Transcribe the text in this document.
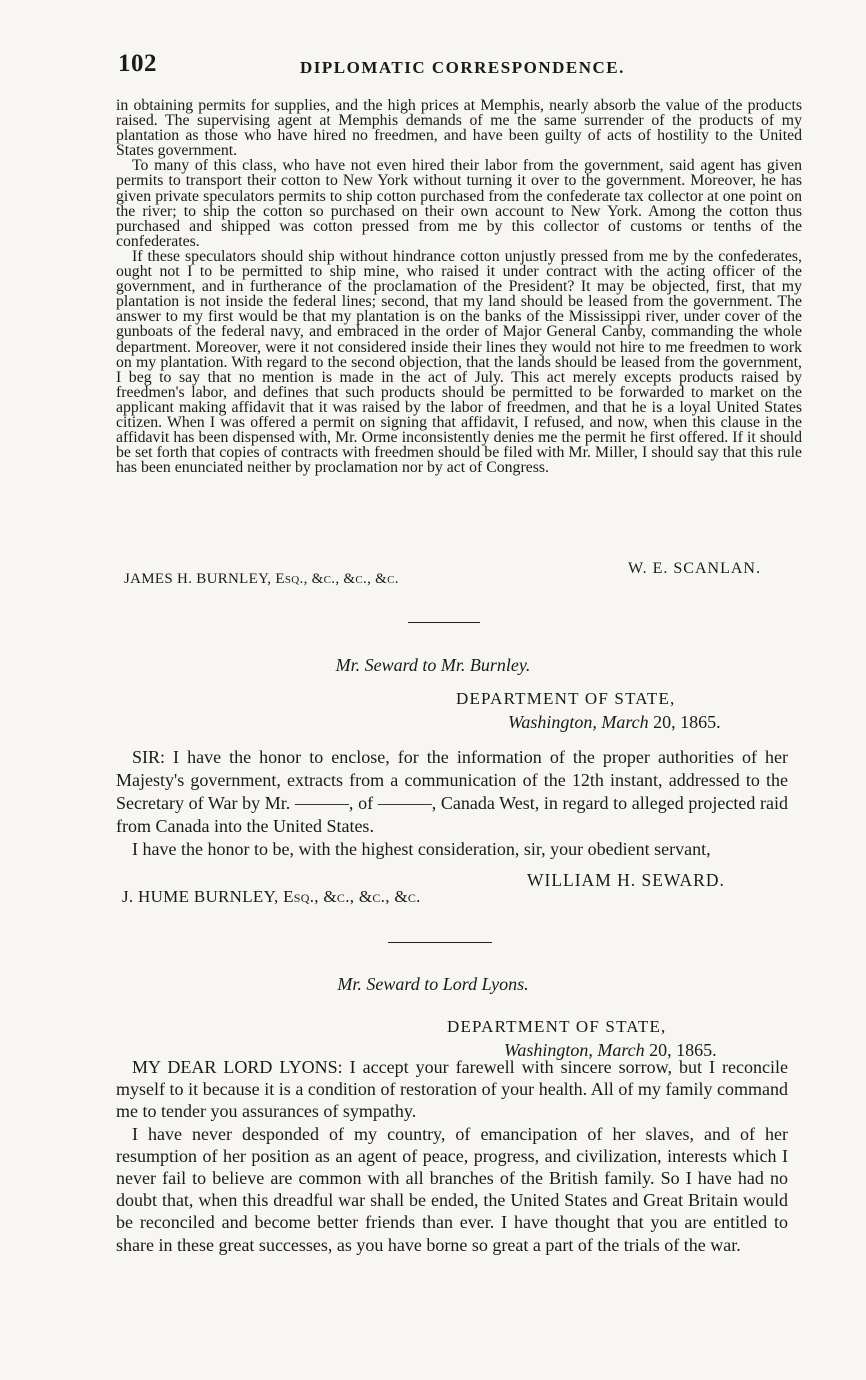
102	DIPLOMATIC CORRESPONDENCE.

in obtaining permits for supplies, and the high prices at Memphis, nearly absorb the value of the products raised. The supervising agent at Memphis demands of me the same surrender of the products of my plantation as those who have hired no freedmen, and have been guilty of acts of hostility to the United States government.

To many of this class, who have not even hired their labor from the government, said agent has given permits to transport their cotton to New York without turning it over to the government. Moreover, he has given private speculators permits to ship cotton purchased from the confederate tax collector at one point on the river; to ship the cotton so purchased on their own account to New York. Among the cotton thus purchased and shipped was cotton pressed from me by this collector of customs or tenths of the confederates.

If these speculators should ship without hindrance cotton unjustly pressed from me by the confederates, ought not I to be permitted to ship mine, who raised it under contract with the acting officer of the government, and in furtherance of the proclamation of the President? It may be objected, first, that my plantation is not inside the federal lines; second, that my land should be leased from the government. The answer to my first would be that my plantation is on the banks of the Mississippi river, under cover of the gunboats of the federal navy, and embraced in the order of Major General Canby, commanding the whole department. Moreover, were it not considered inside their lines they would not hire to me freedmen to work on my plantation. With regard to the second objection, that the lands should be leased from the government, I beg to say that no mention is made in the act of July. This act merely excepts products raised by freedmen's labor, and defines that such products should be permitted to be forwarded to market on the applicant making affidavit that it was raised by the labor of freedmen, and that he is a loyal United States citizen. When I was offered a permit on signing that affidavit, I refused, and now, when this clause in the affidavit has been dispensed with, Mr. Orme inconsistently denies me the permit he first offered. If it should be set forth that copies of contracts with freedmen should be filed with Mr. Miller, I should say that this rule has been enunciated neither by proclamation nor by act of Congress.

W. E. SCANLAN.
JAMES H. BURNLEY, Esq., &c., &c., &c.
Mr. Seward to Mr. Burnley.
DEPARTMENT OF STATE,
Washington, March 20, 1865.

SIR: I have the honor to enclose, for the information of the proper authorities of her Majesty's government, extracts from a communication of the 12th instant, addressed to the Secretary of War by Mr. ———, of ———, Canada West, in regard to alleged projected raid from Canada into the United States.

I have the honor to be, with the highest consideration, sir, your obedient servant,

WILLIAM H. SEWARD.
J. HUME BURNLEY, Esq., &c., &c., &c.
Mr. Seward to Lord Lyons.
DEPARTMENT OF STATE,
Washington, March 20, 1865.

MY DEAR LORD LYONS: I accept your farewell with sincere sorrow, but I reconcile myself to it because it is a condition of restoration of your health. All of my family command me to tender you assurances of sympathy.

I have never desponded of my country, of emancipation of her slaves, and of her resumption of her position as an agent of peace, progress, and civilization, interests which I never fail to believe are common with all branches of the British family. So I have had no doubt that, when this dreadful war shall be ended, the United States and Great Britain would be reconciled and become better friends than ever. I have thought that you are entitled to share in these great successes, as you have borne so great a part of the trials of the war.
